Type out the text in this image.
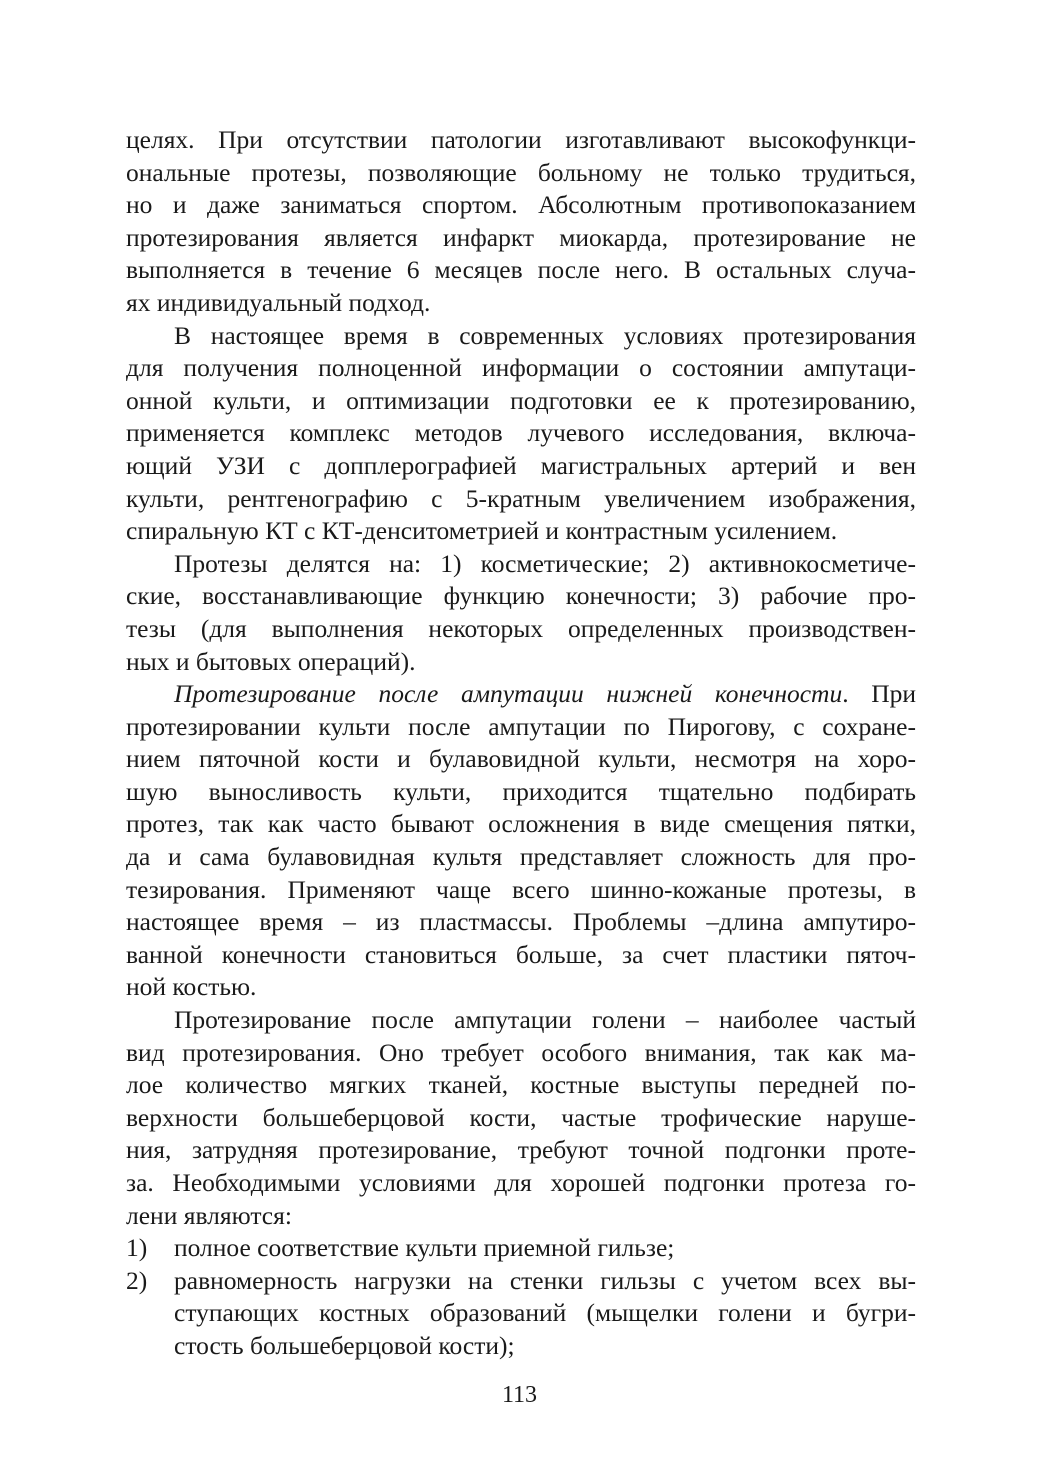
целях. При отсутствии патологии изготавливают высокофункци-
ональные протезы, позволяющие больному не только трудиться,
но и даже заниматься спортом. Абсолютным противопоказанием
протезирования является инфаркт миокарда, протезирование не
выполняется в течение 6 месяцев после него. В остальных случа-
ях индивидуальный подход.
В настоящее время в современных условиях протезирования
для получения полноценной информации о состоянии ампутаци-
онной культи, и оптимизации подготовки ее к протезированию,
применяется комплекс методов лучевого исследования, включа-
ющий УЗИ с допплерографией магистральных артерий и вен
культи, рентгенографию с 5-кратным увеличением изображения,
спиральную КТ с КТ-денситометрией и контрастным усилением.
Протезы делятся на: 1) косметические; 2) активнокосметиче-
ские, восстанавливающие функцию конечности; 3) рабочие про-
тезы (для выполнения некоторых определенных производствен-
ных и бытовых операций).
Протезирование после ампутации нижней конечности. При
протезировании культи после ампутации по Пирогову, с сохране-
нием пяточной кости и булавовидной культи, несмотря на хоро-
шую выносливость культи, приходится тщательно подбирать
протез, так как часто бывают осложнения в виде смещения пятки,
да и сама булавовидная культя представляет сложность для про-
тезирования. Применяют чаще всего шинно-кожаные протезы, в
настоящее время – из пластмассы. Проблемы –длина ампутиро-
ванной конечности становиться больше, за счет пластики пяточ-
ной костью.
Протезирование после ампутации голени – наиболее частый
вид протезирования. Оно требует особого внимания, так как ма-
лое количество мягких тканей, костные выступы передней по-
верхности большеберцовой кости, частые трофические наруше-
ния, затрудняя протезирование, требуют точной подгонки проте-
за. Необходимыми условиями для хорошей подгонки протеза го-
лени являются:
1)	полное соответствие культи приемной гильзе;
2)	равномерность нагрузки на стенки гильзы с учетом всех вы-
ступающих костных образований (мыщелки голени и бугри-
стость большеберцовой кости);
113
